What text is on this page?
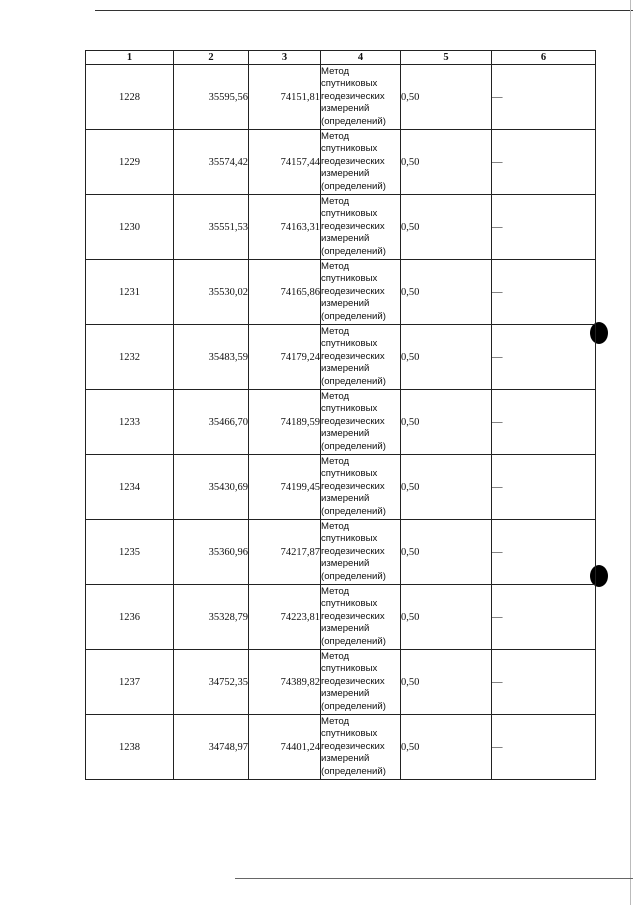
1	2	3	4	5	6
1228	35595,56	74151,81	Метод
спутниковых
геодезических
измерений
(определений)	0,50	—
1229	35574,42	74157,44	Метод
спутниковых
геодезических
измерений
(определений)	0,50	—
1230	35551,53	74163,31	Метод
спутниковых
геодезических
измерений
(определений)	0,50	—
1231	35530,02	74165,86	Метод
спутниковых
геодезических
измерений
(определений)	0,50	—
1232	35483,59	74179,24	Метод
спутниковых
геодезических
измерений
(определений)	0,50	—
1233	35466,70	74189,59	Метод
спутниковых
геодезических
измерений
(определений)	0,50	—
1234	35430,69	74199,45	Метод
спутниковых
геодезических
измерений
(определений)	0,50	—
1235	35360,96	74217,87	Метод
спутниковых
геодезических
измерений
(определений)	0,50	—
1236	35328,79	74223,81	Метод
спутниковых
геодезических
измерений
(определений)	0,50	—
1237	34752,35	74389,82	Метод
спутниковых
геодезических
измерений
(определений)	0,50	—
1238	34748,97	74401,24	Метод
спутниковых
геодезических
измерений
(определений)	0,50	—
